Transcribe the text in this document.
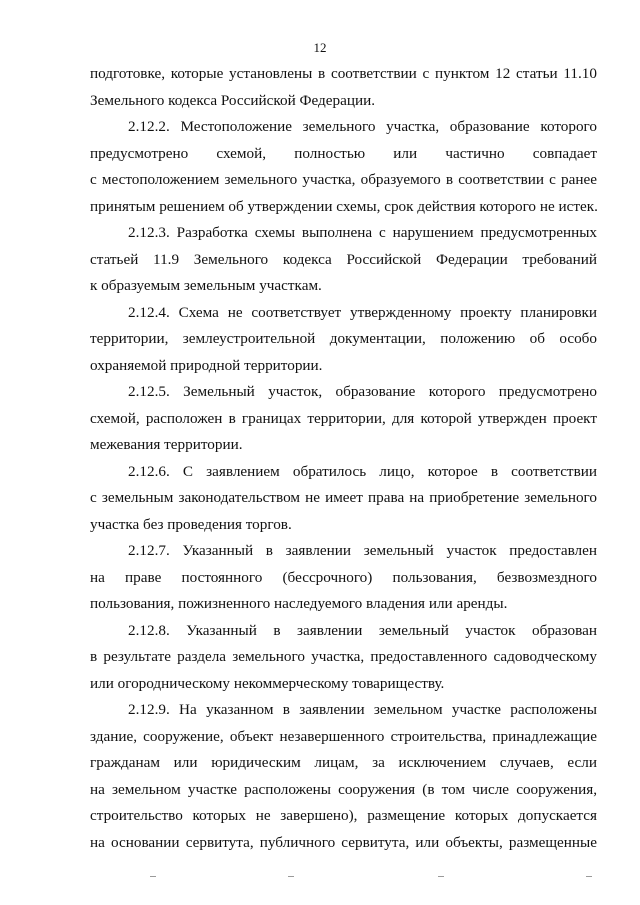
12
подготовке, которые установлены в соответствии с пунктом 12 статьи 11.10
Земельного кодекса Российской Федерации.
2.12.2. Местоположение земельного участка, образование которого
предусмотрено схемой, полностью или частично совпадает
с местоположением земельного участка, образуемого в соответствии с ранее
принятым решением об утверждении схемы, срок действия которого не истек.
2.12.3. Разработка схемы выполнена с нарушением предусмотренных
статьей 11.9 Земельного кодекса Российской Федерации требований
к образуемым земельным участкам.
2.12.4. Схема не соответствует утвержденному проекту планировки
территории, землеустроительной документации, положению об особо
охраняемой природной территории.
2.12.5. Земельный участок, образование которого предусмотрено
схемой, расположен в границах территории, для которой утвержден проект
межевания территории.
2.12.6. С заявлением обратилось лицо, которое в соответствии
с земельным законодательством не имеет права на приобретение земельного
участка без проведения торгов.
2.12.7. Указанный в заявлении земельный участок предоставлен
на праве постоянного (бессрочного) пользования, безвозмездного
пользования, пожизненного наследуемого владения или аренды.
2.12.8. Указанный в заявлении земельный участок образован
в результате раздела земельного участка, предоставленного садоводческому
или огородническому некоммерческому товариществу.
2.12.9. На указанном в заявлении земельном участке расположены
здание, сооружение, объект незавершенного строительства, принадлежащие
гражданам или юридическим лицам, за исключением случаев, если
на земельном участке расположены сооружения (в том числе сооружения,
строительство которых не завершено), размещение которых допускается
на основании сервитута, публичного сервитута, или объекты, размещенные
